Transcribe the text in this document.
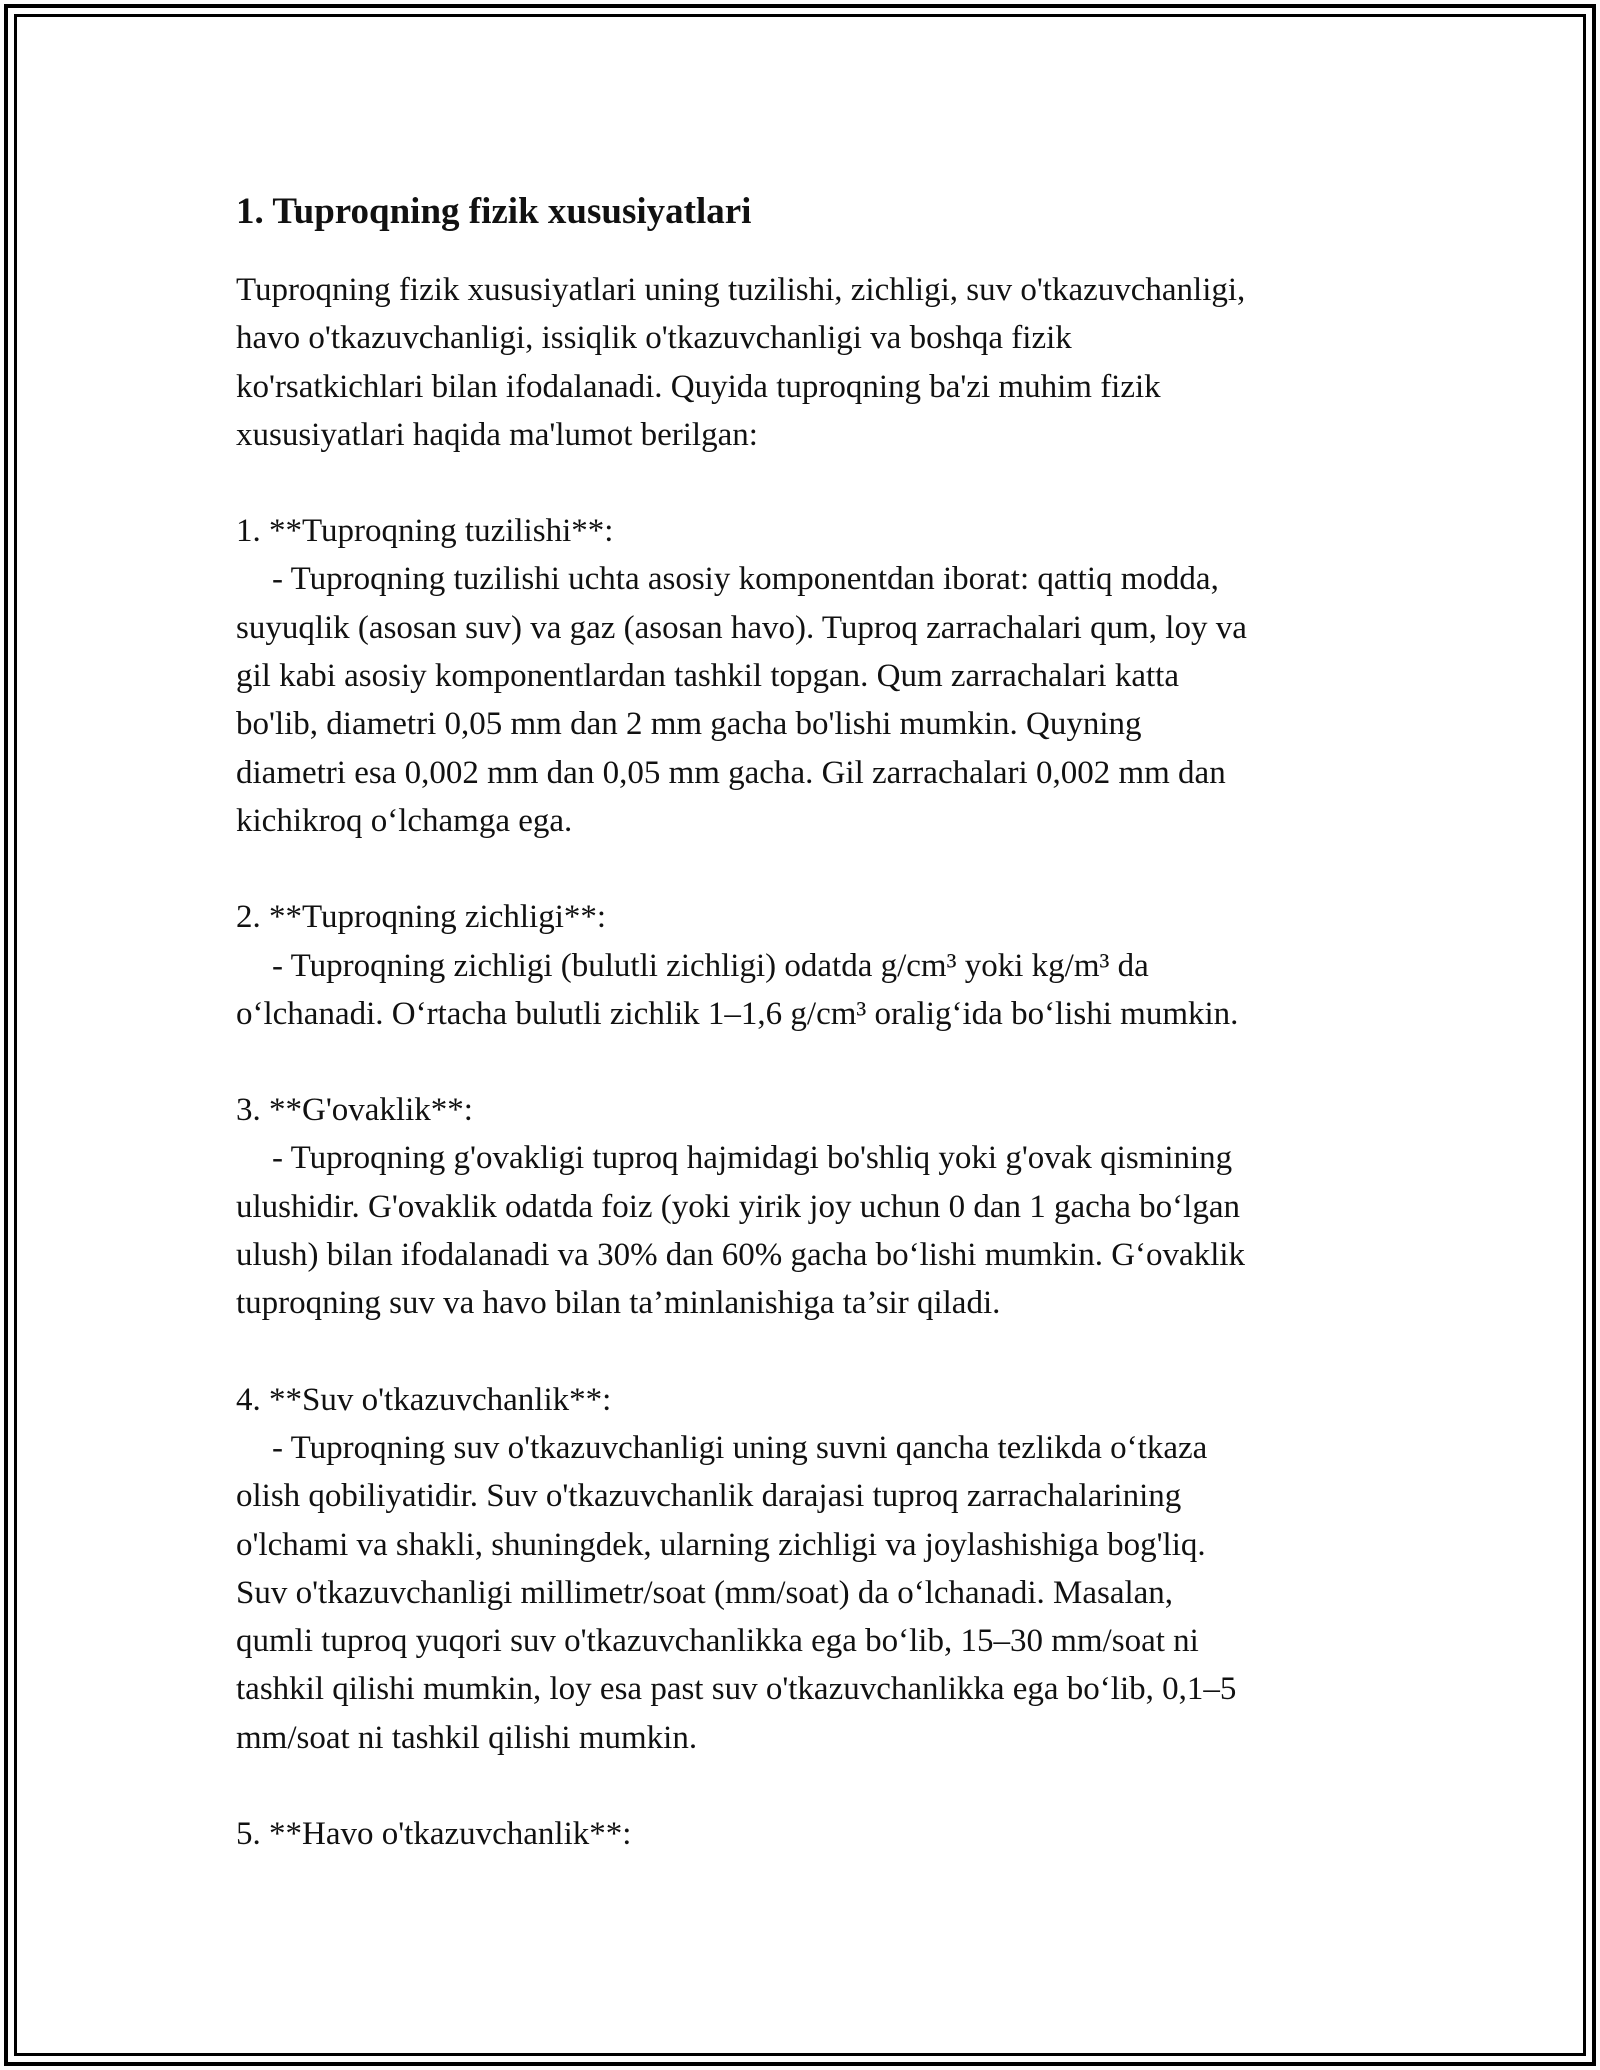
1. Tuproqning fizik xususiyatlari
Tuproqning fizik xususiyatlari uning tuzilishi, zichligi, suv o'tkazuvchanligi,
havo o'tkazuvchanligi, issiqlik o'tkazuvchanligi va boshqa fizik
ko'rsatkichlari bilan ifodalanadi. Quyida tuproqning ba'zi muhim fizik
xususiyatlari haqida ma'lumot berilgan:
1. **Tuproqning tuzilishi**:
- Tuproqning tuzilishi uchta asosiy komponentdan iborat: qattiq modda,
suyuqlik (asosan suv) va gaz (asosan havo). Tuproq zarrachalari qum, loy va
gil kabi asosiy komponentlardan tashkil topgan. Qum zarrachalari katta
bo'lib, diametri 0,05 mm dan 2 mm gacha bo'lishi mumkin. Quyning
diametri esa 0,002 mm dan 0,05 mm gacha. Gil zarrachalari 0,002 mm dan
kichikroq o‘lchamga ega.
2. **Tuproqning zichligi**:
- Tuproqning zichligi (bulutli zichligi) odatda g/cm³ yoki kg/m³ da
o‘lchanadi. O‘rtacha bulutli zichlik 1–1,6 g/cm³ oralig‘ida bo‘lishi mumkin.
3. **G'ovaklik**:
- Tuproqning g'ovakligi tuproq hajmidagi bo'shliq yoki g'ovak qismining
ulushidir. G'ovaklik odatda foiz (yoki yirik joy uchun 0 dan 1 gacha bo‘lgan
ulush) bilan ifodalanadi va 30% dan 60% gacha bo‘lishi mumkin. G‘ovaklik
tuproqning suv va havo bilan ta’minlanishiga ta’sir qiladi.
4. **Suv o'tkazuvchanlik**:
- Tuproqning suv o'tkazuvchanligi uning suvni qancha tezlikda o‘tkaza
olish qobiliyatidir. Suv o'tkazuvchanlik darajasi tuproq zarrachalarining
o'lchami va shakli, shuningdek, ularning zichligi va joylashishiga bog'liq.
Suv o'tkazuvchanligi millimetr/soat (mm/soat) da o‘lchanadi. Masalan,
qumli tuproq yuqori suv o'tkazuvchanlikka ega bo‘lib, 15–30 mm/soat ni
tashkil qilishi mumkin, loy esa past suv o'tkazuvchanlikka ega bo‘lib, 0,1–5
mm/soat ni tashkil qilishi mumkin.
5. **Havo o'tkazuvchanlik**:
